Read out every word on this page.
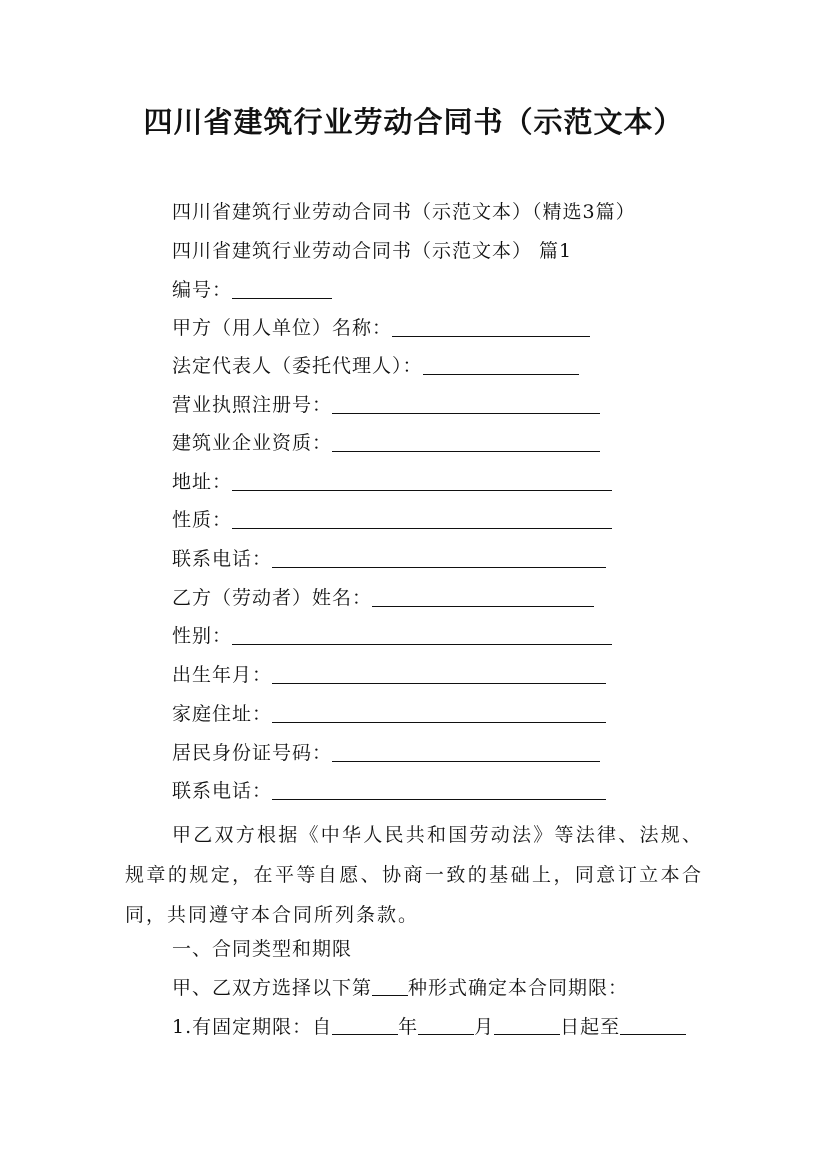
四川省建筑行业劳动合同书（示范文本）
四川省建筑行业劳动合同书（示范文本）（精选3篇）
四川省建筑行业劳动合同书（示范文本） 篇1
编号：
甲方（用人单位）名称：
法定代表人（委托代理人）：
营业执照注册号：
建筑业企业资质：
地址：
性质：
联系电话：
乙方（劳动者）姓名：
性别：
出生年月：
家庭住址：
居民身份证号码：
联系电话：
甲乙双方根据《中华人民共和国劳动法》等法律、法规、规章的规定，在平等自愿、协商一致的基础上，同意订立本合同，共同遵守本合同所列条款。
一、合同类型和期限
甲、乙双方选择以下第 种形式确定本合同期限：
1.有固定期限：自	年	月	日起至
